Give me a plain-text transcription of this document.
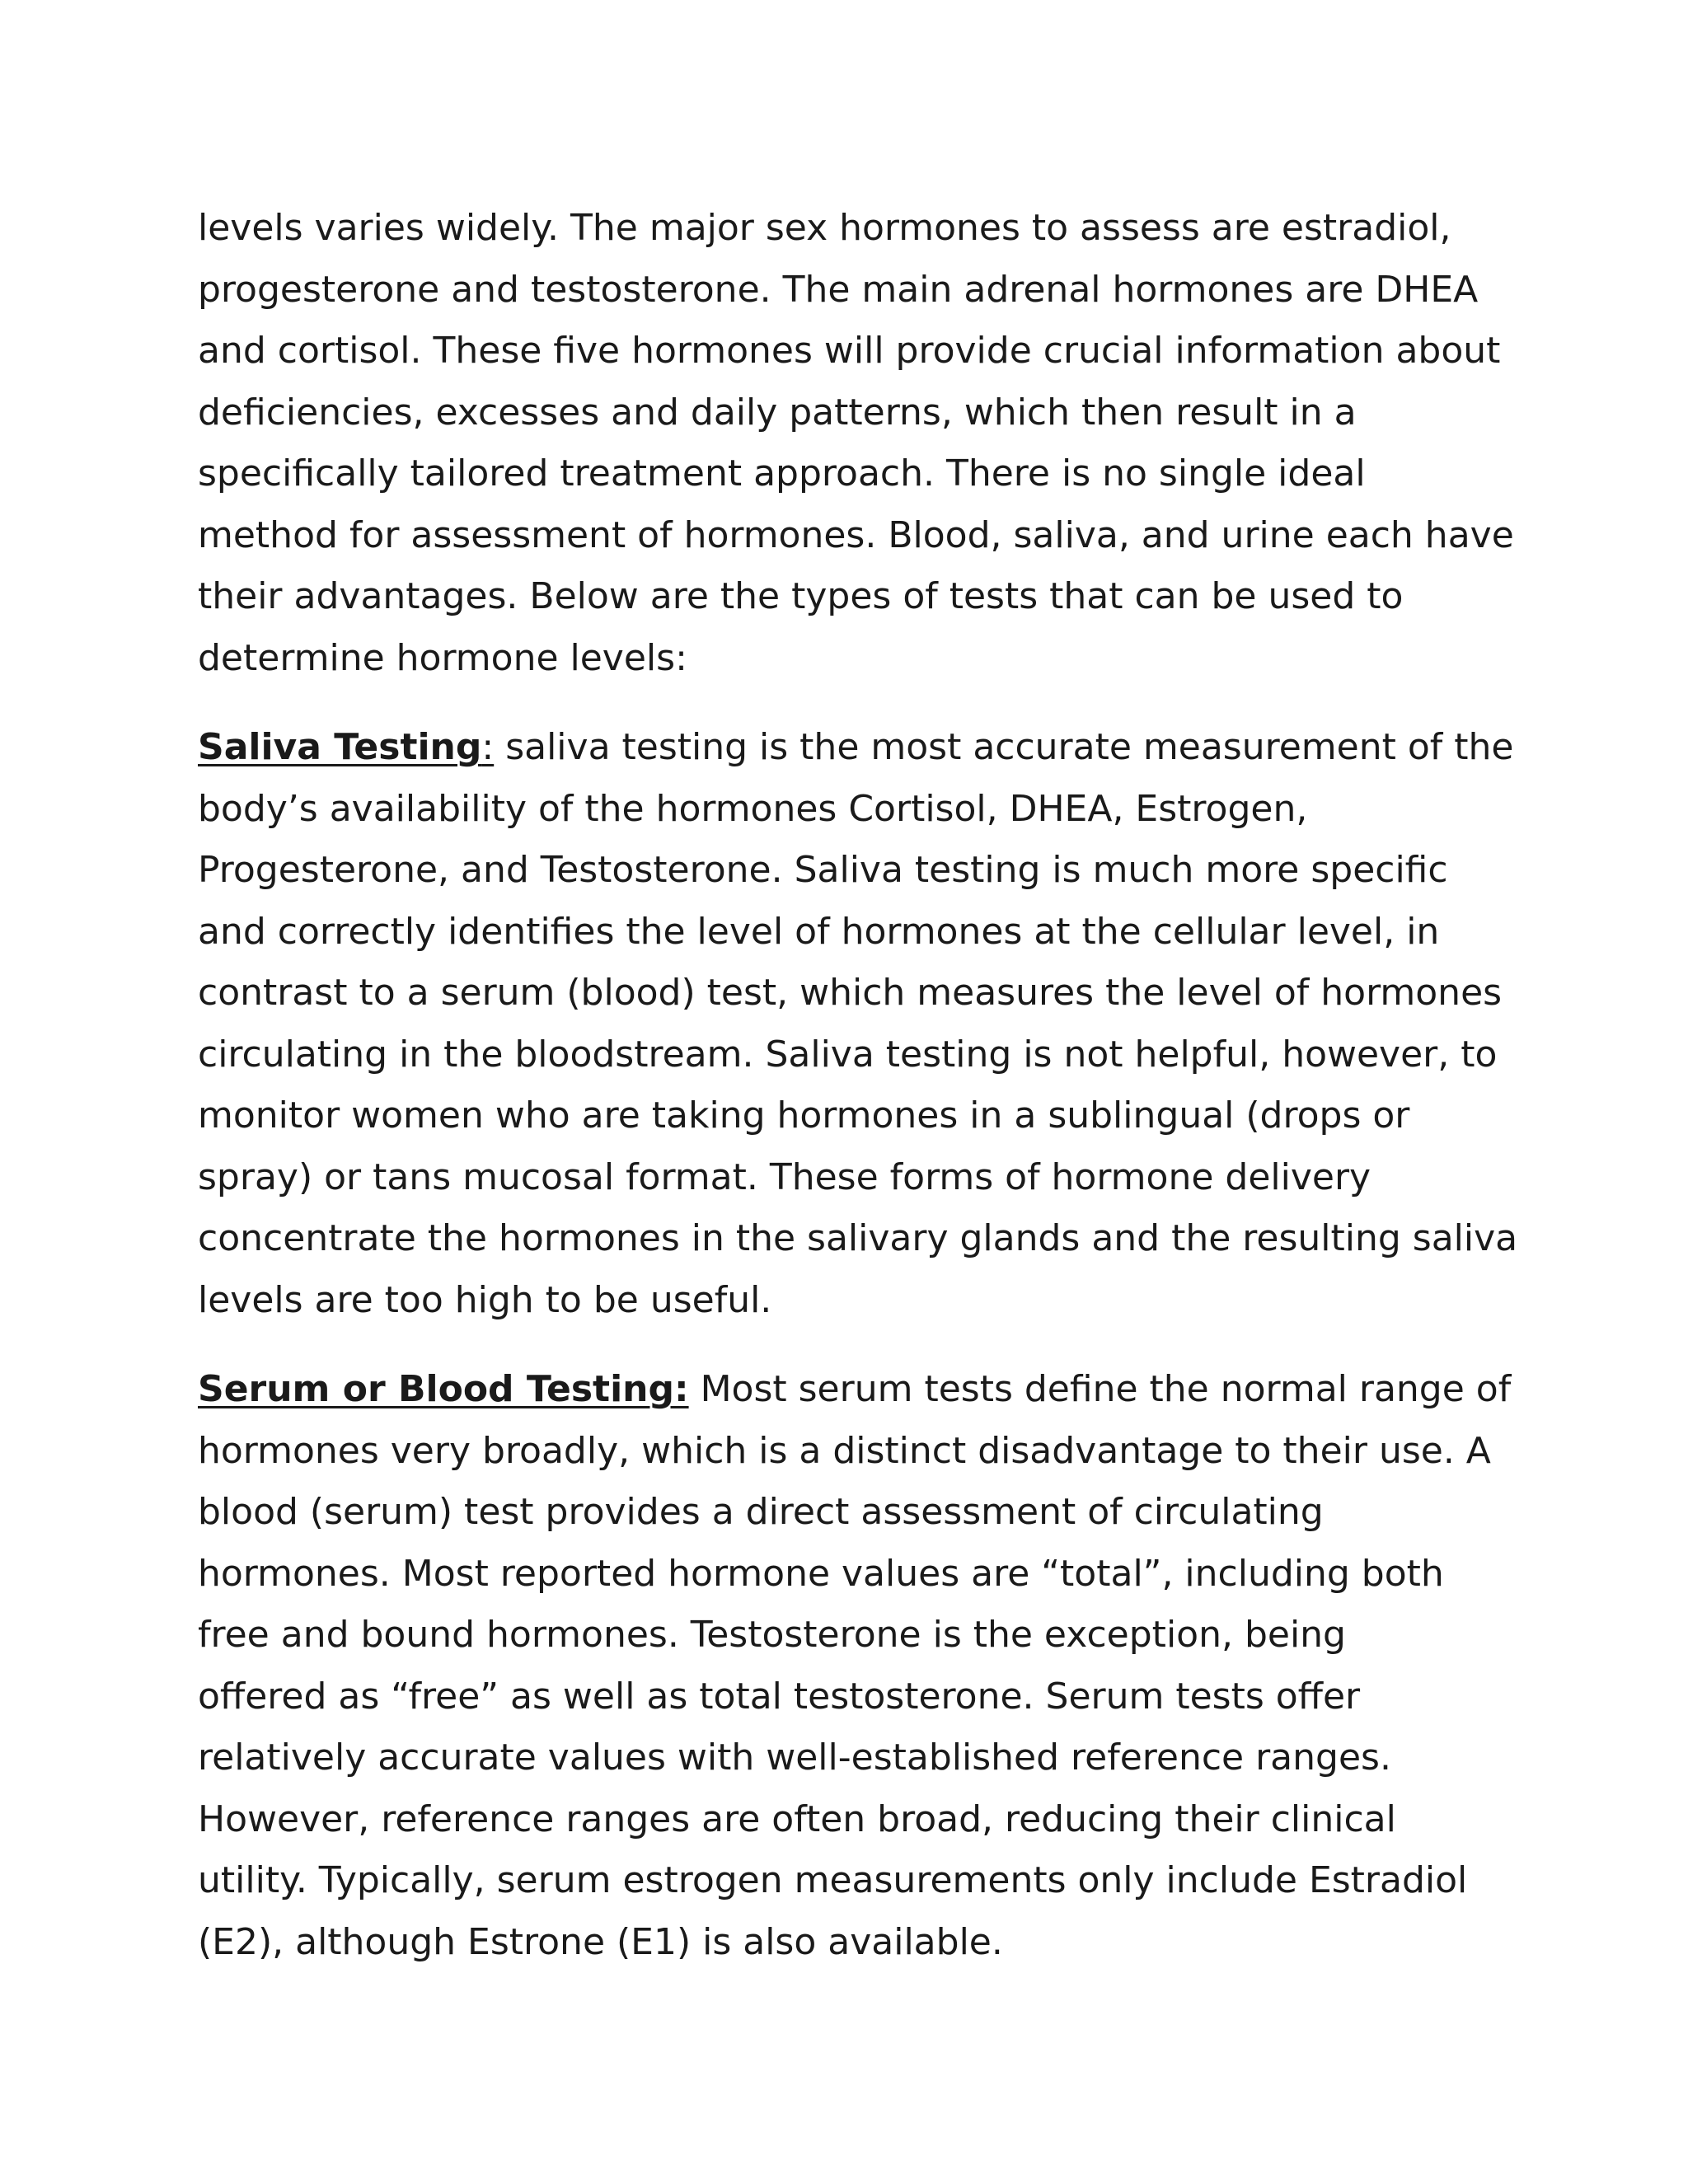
levels varies widely. The major sex hormones to assess are estradiol,
progesterone and testosterone. The main adrenal hormones are DHEA
and cortisol. These five hormones will provide crucial information about
deficiencies, excesses and daily patterns, which then result in a
specifically tailored treatment approach. There is no single ideal
method for assessment of hormones. Blood, saliva, and urine each have
their advantages. Below are the types of tests that can be used to
determine hormone levels:
Saliva Testing: saliva testing is the most accurate measurement of the
body’s availability of the hormones Cortisol, DHEA, Estrogen,
Progesterone, and Testosterone. Saliva testing is much more specific
and correctly identifies the level of hormones at the cellular level, in
contrast to a serum (blood) test, which measures the level of hormones
circulating in the bloodstream. Saliva testing is not helpful, however, to
monitor women who are taking hormones in a sublingual (drops or
spray) or tans mucosal format. These forms of hormone delivery
concentrate the hormones in the salivary glands and the resulting saliva
levels are too high to be useful.
Serum or Blood Testing: Most serum tests define the normal range of
hormones very broadly, which is a distinct disadvantage to their use. A
blood (serum) test provides a direct assessment of circulating
hormones. Most reported hormone values are “total”, including both
free and bound hormones. Testosterone is the exception, being
offered as “free” as well as total testosterone. Serum tests offer
relatively accurate values with well-established reference ranges.
However, reference ranges are often broad, reducing their clinical
utility. Typically, serum estrogen measurements only include Estradiol
(E2), although Estrone (E1) is also available.
